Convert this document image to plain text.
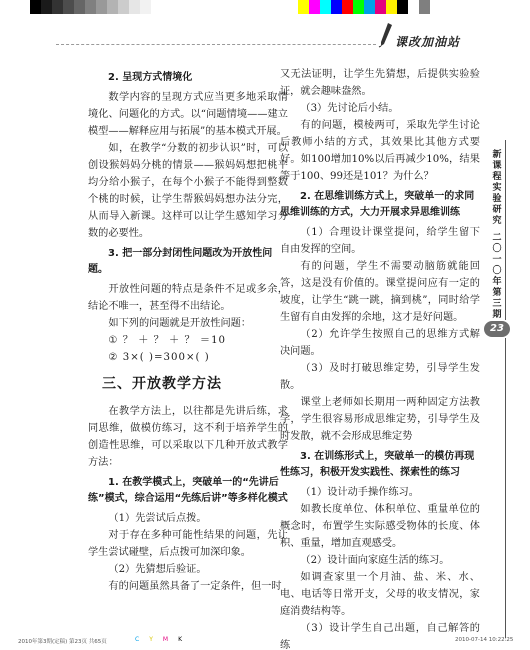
课改加油站
2. 呈现方式情境化

数学内容的呈现方式应当更多地采取情境化、问题化的方式。以“问题情境——建立模型——解释应用与拓展”的基本模式开展。

如，在教学“分数的初步认识”时，可以创设猴妈妈分桃的情景——猴妈妈想把桃平均分给小猴子，在每个小猴子不能得到整数个桃的时候，让学生帮猴妈妈想办法分完，从而导入新课。这样可以让学生感知学习分数的必要性。

3. 把一部分封闭性问题改为开放性问题。

开放性问题的特点是条件不足或多余，结论不唯一，甚至得不出结论。

如下列的问题就是开放性问题：

① ？ ＋ ？ ＋ ？ ＝10

② 3×( )=300×( )

三、开放教学方法

在教学方法上，以往都是先讲后练，求同思维，做模仿练习，这不利于培养学生的创造性思维，可以采取以下几种开放式教学方法：

1. 在教学模式上，突破单一的“先讲后练”模式，综合运用“先练后讲”等多样化模式

（1）先尝试后点拨。

对于存在多种可能性结果的问题，先让学生尝试碰壁，后点拨可加深印象。

（2）先猜想后验证。

有的问题虽然具备了一定条件，但一时

又无法证明，让学生先猜想，后提供实验验证，就会趣味盎然。

（3）先讨论后小结。

有的问题，模棱两可，采取先学生讨论后教师小结的方式，其效果比其他方式要好。如100增加10%以后再减少10%，结果等于100、99还是101？为什么？

2. 在思维训练方式上，突破单一的求同思维训练的方式，大力开展求异思维训练

（1）合理设计课堂提问，给学生留下自由发挥的空间。

有的问题，学生不需要动脑筋就能回答，这是没有价值的。课堂提问应有一定的坡度，让学生“跳一跳，摘到桃”，同时给学生留有自由发挥的余地，这才是好问题。

（2）允许学生按照自己的思维方式解决问题。

（3）及时打破思维定势，引导学生发散。

课堂上老师如长期用一两种固定方法教学，学生很容易形成思维定势，引导学生及时发散，就不会形成思维定势

3. 在训练形式上，突破单一的模仿再现性练习，积极开发实践性、探索性的练习

（1）设计动手操作练习。

如教长度单位、体积单位、重量单位的概念时，布置学生实际感受物体的长度、体积、重量，增加直观感受。

（2）设计面向家庭生活的练习。

如调查家里一个月油、盐、米、水、电、电话等日常开支，父母的收支情况，家庭消费结构等。

（3）设计学生自己出题，自己解答的练

新
课
程
实
验
研
究
二
〇
一
〇
年
第
三
期
23
2010年第3期(定稿) 第23页 共65页	C Y M K	2010-07-14 10:22:25
